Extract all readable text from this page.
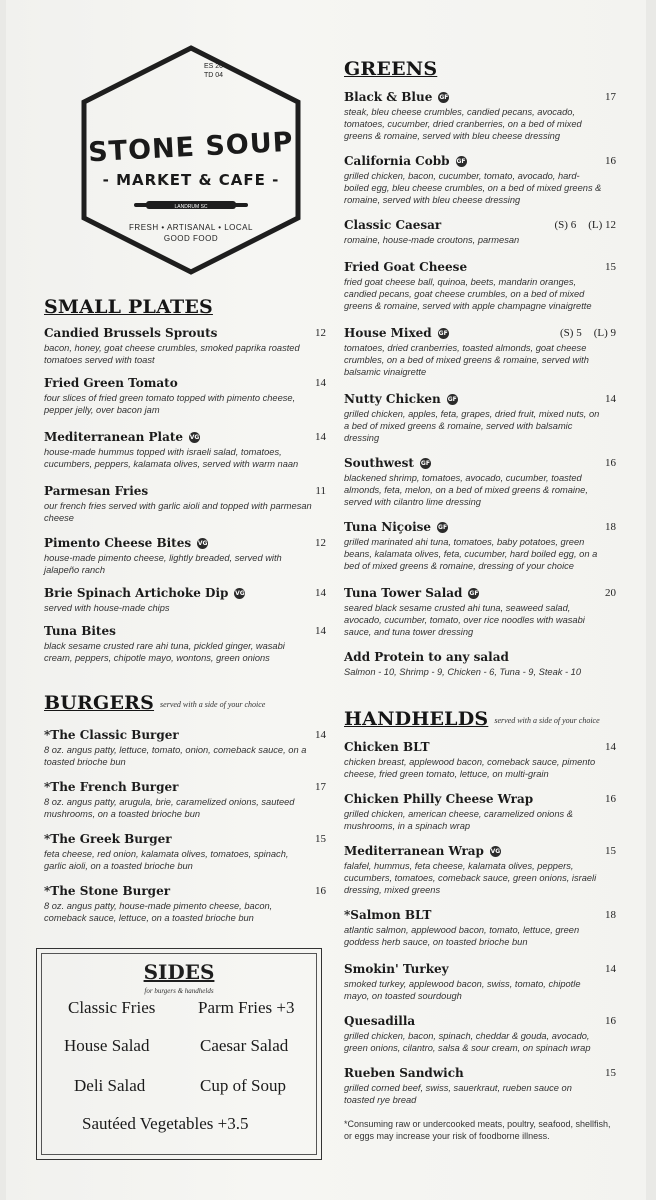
ES 20
TD 04
STONE SOUP
- MARKET & CAFE -
LANDRUM SC
FRESH • ARTISANAL • LOCAL
GOOD FOOD
SMALL PLATES
Candied Brussels Sprouts	12
bacon, honey, goat cheese crumbles, smoked paprika roasted tomatoes served with toast
Fried Green Tomato	14
four slices of fried green tomato topped with pimento cheese, pepper jelly, over bacon jam
Mediterranean Plate VG	14
house-made hummus topped with israeli salad, tomatoes, cucumbers, peppers, kalamata olives, served with warm naan
Parmesan Fries	11
our french fries served with garlic aioli and topped with parmesan cheese
Pimento Cheese Bites VG	12
house-made pimento cheese, lightly breaded, served with jalapeño ranch
Brie Spinach Artichoke Dip VG	14
served with house-made chips
Tuna Bites	14
black sesame crusted rare ahi tuna, pickled ginger, wasabi cream, peppers, chipotle mayo, wontons, green onions
BURGERS served with a side of your choice
*The Classic Burger	14
8 oz. angus patty, lettuce, tomato, onion, comeback sauce, on a toasted brioche bun
*The French Burger	17
8 oz. angus patty, arugula, brie, caramelized onions, sauteed mushrooms, on a toasted brioche bun
*The Greek Burger	15
feta cheese, red onion, kalamata olives, tomatoes, spinach, garlic aioli, on a toasted brioche bun
*The Stone Burger	16
8 oz. angus patty, house-made pimento cheese, bacon, comeback sauce, lettuce, on a toasted brioche bun
SIDES
for burgers & handhelds
Classic Fries	Parm Fries +3
House Salad	Caesar Salad
Deli Salad	Cup of Soup
Sautéed Vegetables +3.5
GREENS
Black & Blue GF	17
steak, bleu cheese crumbles, candied pecans, avocado, tomatoes, cucumber, dried cranberries, on a bed of mixed greens & romaine, served with bleu cheese dressing
California Cobb GF	16
grilled chicken, bacon, cucumber, tomato, avocado, hard-boiled egg, bleu cheese crumbles, on a bed of mixed greens & romaine, served with bleu cheese dressing
Classic Caesar	(S) 6 (L) 12
romaine, house-made croutons, parmesan
Fried Goat Cheese	15
fried goat cheese ball, quinoa, beets, mandarin oranges, candied pecans, goat cheese crumbles, on a bed of mixed greens & romaine, served with apple champagne vinaigrette
House Mixed GF	(S) 5 (L) 9
tomatoes, dried cranberries, toasted almonds, goat cheese crumbles, on a bed of mixed greens & romaine, served with balsamic vinaigrette
Nutty Chicken GF	14
grilled chicken, apples, feta, grapes, dried fruit, mixed nuts, on a bed of mixed greens & romaine, served with balsamic dressing
Southwest GF	16
blackened shrimp, tomatoes, avocado, cucumber, toasted almonds, feta, melon, on a bed of mixed greens & romaine, served with cilantro lime dressing
Tuna Niçoise GF	18
grilled marinated ahi tuna, tomatoes, baby potatoes, green beans, kalamata olives, feta, cucumber, hard boiled egg, on a bed of mixed greens & romaine, dressing of your choice
Tuna Tower Salad GF	20
seared black sesame crusted ahi tuna, seaweed salad, avocado, cucumber, tomato, over rice noodles with wasabi sauce, and tuna tower dressing
Add Protein to any salad
Salmon - 10, Shrimp - 9, Chicken - 6, Tuna - 9, Steak - 10
HANDHELDS served with a side of your choice
Chicken BLT	14
chicken breast, applewood bacon, comeback sauce, pimento cheese, fried green tomato, lettuce, on multi-grain
Chicken Philly Cheese Wrap	16
grilled chicken, american cheese, caramelized onions & mushrooms, in a spinach wrap
Mediterranean Wrap VG	15
falafel, hummus, feta cheese, kalamata olives, peppers, cucumbers, tomatoes, comeback sauce, green onions, israeli dressing, mixed greens
*Salmon BLT	18
atlantic salmon, applewood bacon, tomato, lettuce, green goddess herb sauce, on toasted brioche bun
Smokin' Turkey	14
smoked turkey, applewood bacon, swiss, tomato, chipotle mayo, on toasted sourdough
Quesadilla	16
grilled chicken, bacon, spinach, cheddar & gouda, avocado, green onions, cilantro, salsa & sour cream, on spinach wrap
Rueben Sandwich	15
grilled corned beef, swiss, sauerkraut, rueben sauce on toasted rye bread
*Consuming raw or undercooked meats, poultry, seafood, shellfish, or eggs may increase your risk of foodborne illness.
